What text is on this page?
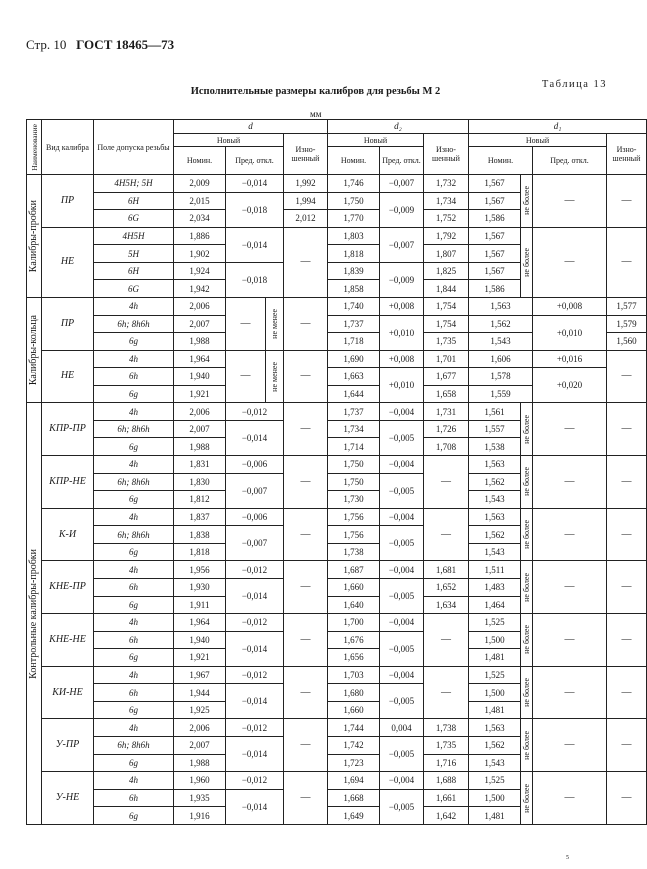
Стр. 10 ГОСТ 18465—73
Таблица 13
Исполнительные размеры калибров для резьбы М 2
мм
Наименование	Вид калибра	Поле допуска резьбы	d				d₂			d₁			
			Новый			Изно- шенный	Новый		Изно- шенный	Новый			Изно- шенный
			Номин.	Пред. откл.			Номин.	Пред. откл.		Номин.		Пред. откл.	

Калибры-пробки	ПР	4H5H; 5H	2,009	−0,014		1,992	1,746	−0,007	1,732	1,567	не более	—	—
		6H	2,015	−0,018		1,994	1,750	−0,009	1,734	1,567			
		6G	2,034			2,012	1,770		1,752	1,586			
	НЕ	4H5H	1,886	−0,014		—	1,803	−0,007	1,792	1,567	не более	—	—
		5H	1,902				1,818		1,807	1,567			
		6H	1,924	−0,018			1,839	−0,009	1,825	1,567			
		6G	1,942				1,858		1,844	1,586			

Калибры-кольца	ПР	4h	2,006	—	не менее	—	1,740	+0,008	1,754	1,563		+0,008	1,577
		6h; 8h6h	2,007				1,737	+0,010	1,754	1,562		+0,010	1,579
		6g	1,988				1,718		1,735	1,543			1,560
	НЕ	4h	1,964	—	не менее	—	1,690	+0,008	1,701	1,606		+0,016	—
		6h	1,940				1,663	+0,010	1,677	1,578		+0,020	
		6g	1,921				1,644		1,658	1,559			

Контрольные калибры-пробки	КПР-ПР	4h	2,006	−0,012		—	1,737	−0,004	1,731	1,561	не более	—	—
		6h; 8h6h	2,007	−0,014			1,734	−0,005	1,726	1,557			
		6g	1,988				1,714		1,708	1,538			
	КПР-НЕ	4h	1,831	−0,006		—	1,750	−0,004	—	1,563	не более	—	—
		6h; 8h6h	1,830	−0,007			1,750	−0,005		1,562			
		6g	1,812				1,730			1,543			
	К-И	4h	1,837	−0,006		—	1,756	−0,004	—	1,563	не более	—	—
		6h; 8h6h	1,838	−0,007			1,756	−0,005		1,562			
		6g	1,818				1,738			1,543			
	КНЕ-ПР	4h	1,956	−0,012		—	1,687	−0,004	1,681	1,511	не более	—	—
		6h	1,930	−0,014			1,660	−0,005	1,652	1,483			
		6g	1,911				1,640		1,634	1,464			
	КНЕ-НЕ	4h	1,964	−0,012		—	1,700	−0,004	—	1,525	не более	—	—
		6h	1,940	−0,014			1,676	−0,005		1,500			
		6g	1,921				1,656			1,481			
	КИ-НЕ	4h	1,967	−0,012		—	1,703	−0,004	—	1,525	не более	—	—
		6h	1,944	−0,014			1,680	−0,005		1,500			
		6g	1,925				1,660			1,481			
	У-ПР	4h	2,006	−0,012		—	1,744	0,004	1,738	1,563	не более	—	—
		6h; 8h6h	2,007	−0,014			1,742	−0,005	1,735	1,562			
		6g	1,988				1,723		1,716	1,543			
	У-НЕ	4h	1,960	−0,012		—	1,694	−0,004	1,688	1,525	не более	—	—
		6h	1,935	−0,014			1,668	−0,005	1,661	1,500			
		6g	1,916				1,649		1,642	1,481			
5
